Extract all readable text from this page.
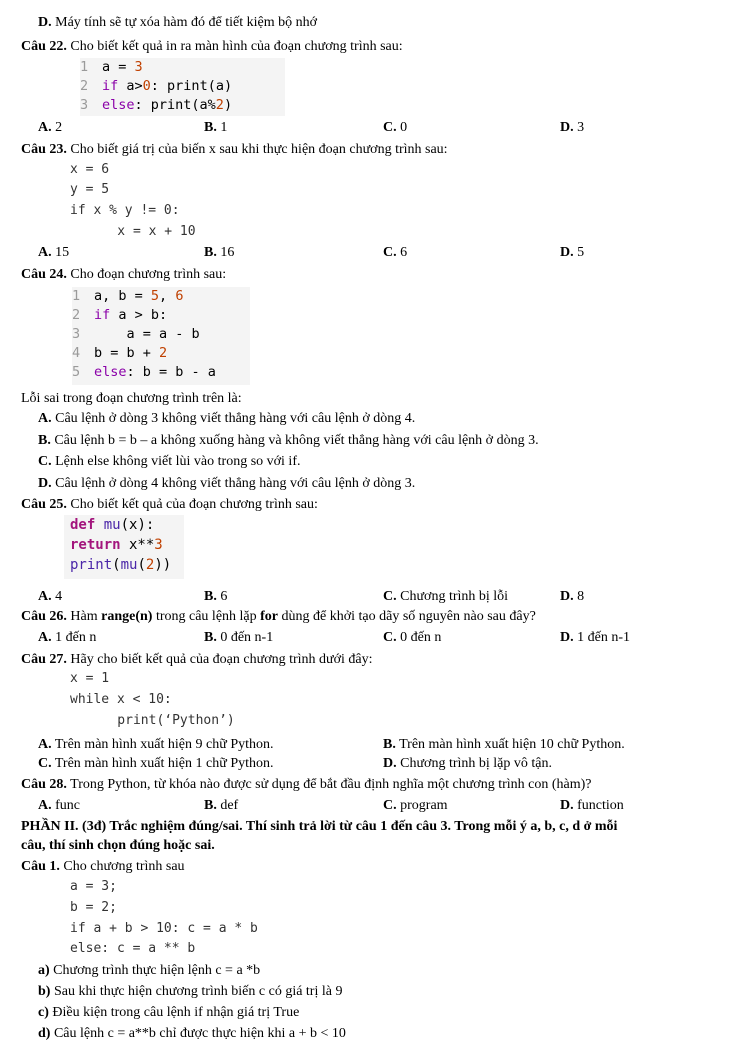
D. Máy tính sẽ tự xóa hàm đó để tiết kiệm bộ nhớ
Câu 22. Cho biết kết quả in ra màn hình của đoạn chương trình sau:
1 a = 3
2 if a>0: print(a)
3 else: print(a%2)
A. 2	B. 1	C. 0	D. 3
Câu 23. Cho biết giá trị của biến x sau khi thực hiện đoạn chương trình sau:
x = 6
y = 5
if x % y != 0:
x = x + 10
A. 15	B. 16	C. 6	D. 5
Câu 24. Cho đoạn chương trình sau:
1 a, b = 5, 6
2 if a > b:
3    a = a - b
4 b = b + 2
5 else: b = b - a
Lỗi sai trong đoạn chương trình trên là:
A. Câu lệnh ở dòng 3 không viết thẳng hàng với câu lệnh ở dòng 4.
B. Câu lệnh b = b – a không xuống hàng và không viết thẳng hàng với câu lệnh ở dòng 3.
C. Lệnh else không viết lùi vào trong so với if.
D. Câu lệnh ở dòng 4 không viết thẳng hàng với câu lệnh ở dòng 3.
Câu 25. Cho biết kết quả của đoạn chương trình sau:
def mu(x):
return x**3
print(mu(2))
A. 4	B. 6	C. Chương trình bị lỗi	D. 8
Câu 26. Hàm range(n) trong câu lệnh lặp for dùng để khởi tạo dãy số nguyên nào sau đây?
A. 1 đến n	B. 0 đến n-1	C. 0 đến n	D. 1 đến n-1
Câu 27. Hãy cho biết kết quả của đoạn chương trình dưới đây:
x = 1
while x < 10:
print(‘Python’)
A. Trên màn hình xuất hiện 9 chữ Python.	B. Trên màn hình xuất hiện 10 chữ Python.
C. Trên màn hình xuất hiện 1 chữ Python.	D. Chương trình bị lặp vô tận.
Câu 28. Trong Python, từ khóa nào được sử dụng để bắt đầu định nghĩa một chương trình con (hàm)?
A. func	B. def	C. program	D. function
PHẦN II. (3đ) Trắc nghiệm đúng/sai. Thí sinh trả lời từ câu 1 đến câu 3. Trong mỗi ý a, b, c, d ở mỗi
câu, thí sinh chọn đúng hoặc sai.
Câu 1. Cho chương trình sau
a = 3;
b = 2;
if a + b > 10: c = a * b
else: c = a ** b
a) Chương trình thực hiện lệnh c = a *b
b) Sau khi thực hiện chương trình biến c có giá trị là 9
c) Điều kiện trong câu lệnh if nhận giá trị True
d) Câu lệnh c = a**b chỉ được thực hiện khi a + b < 10
